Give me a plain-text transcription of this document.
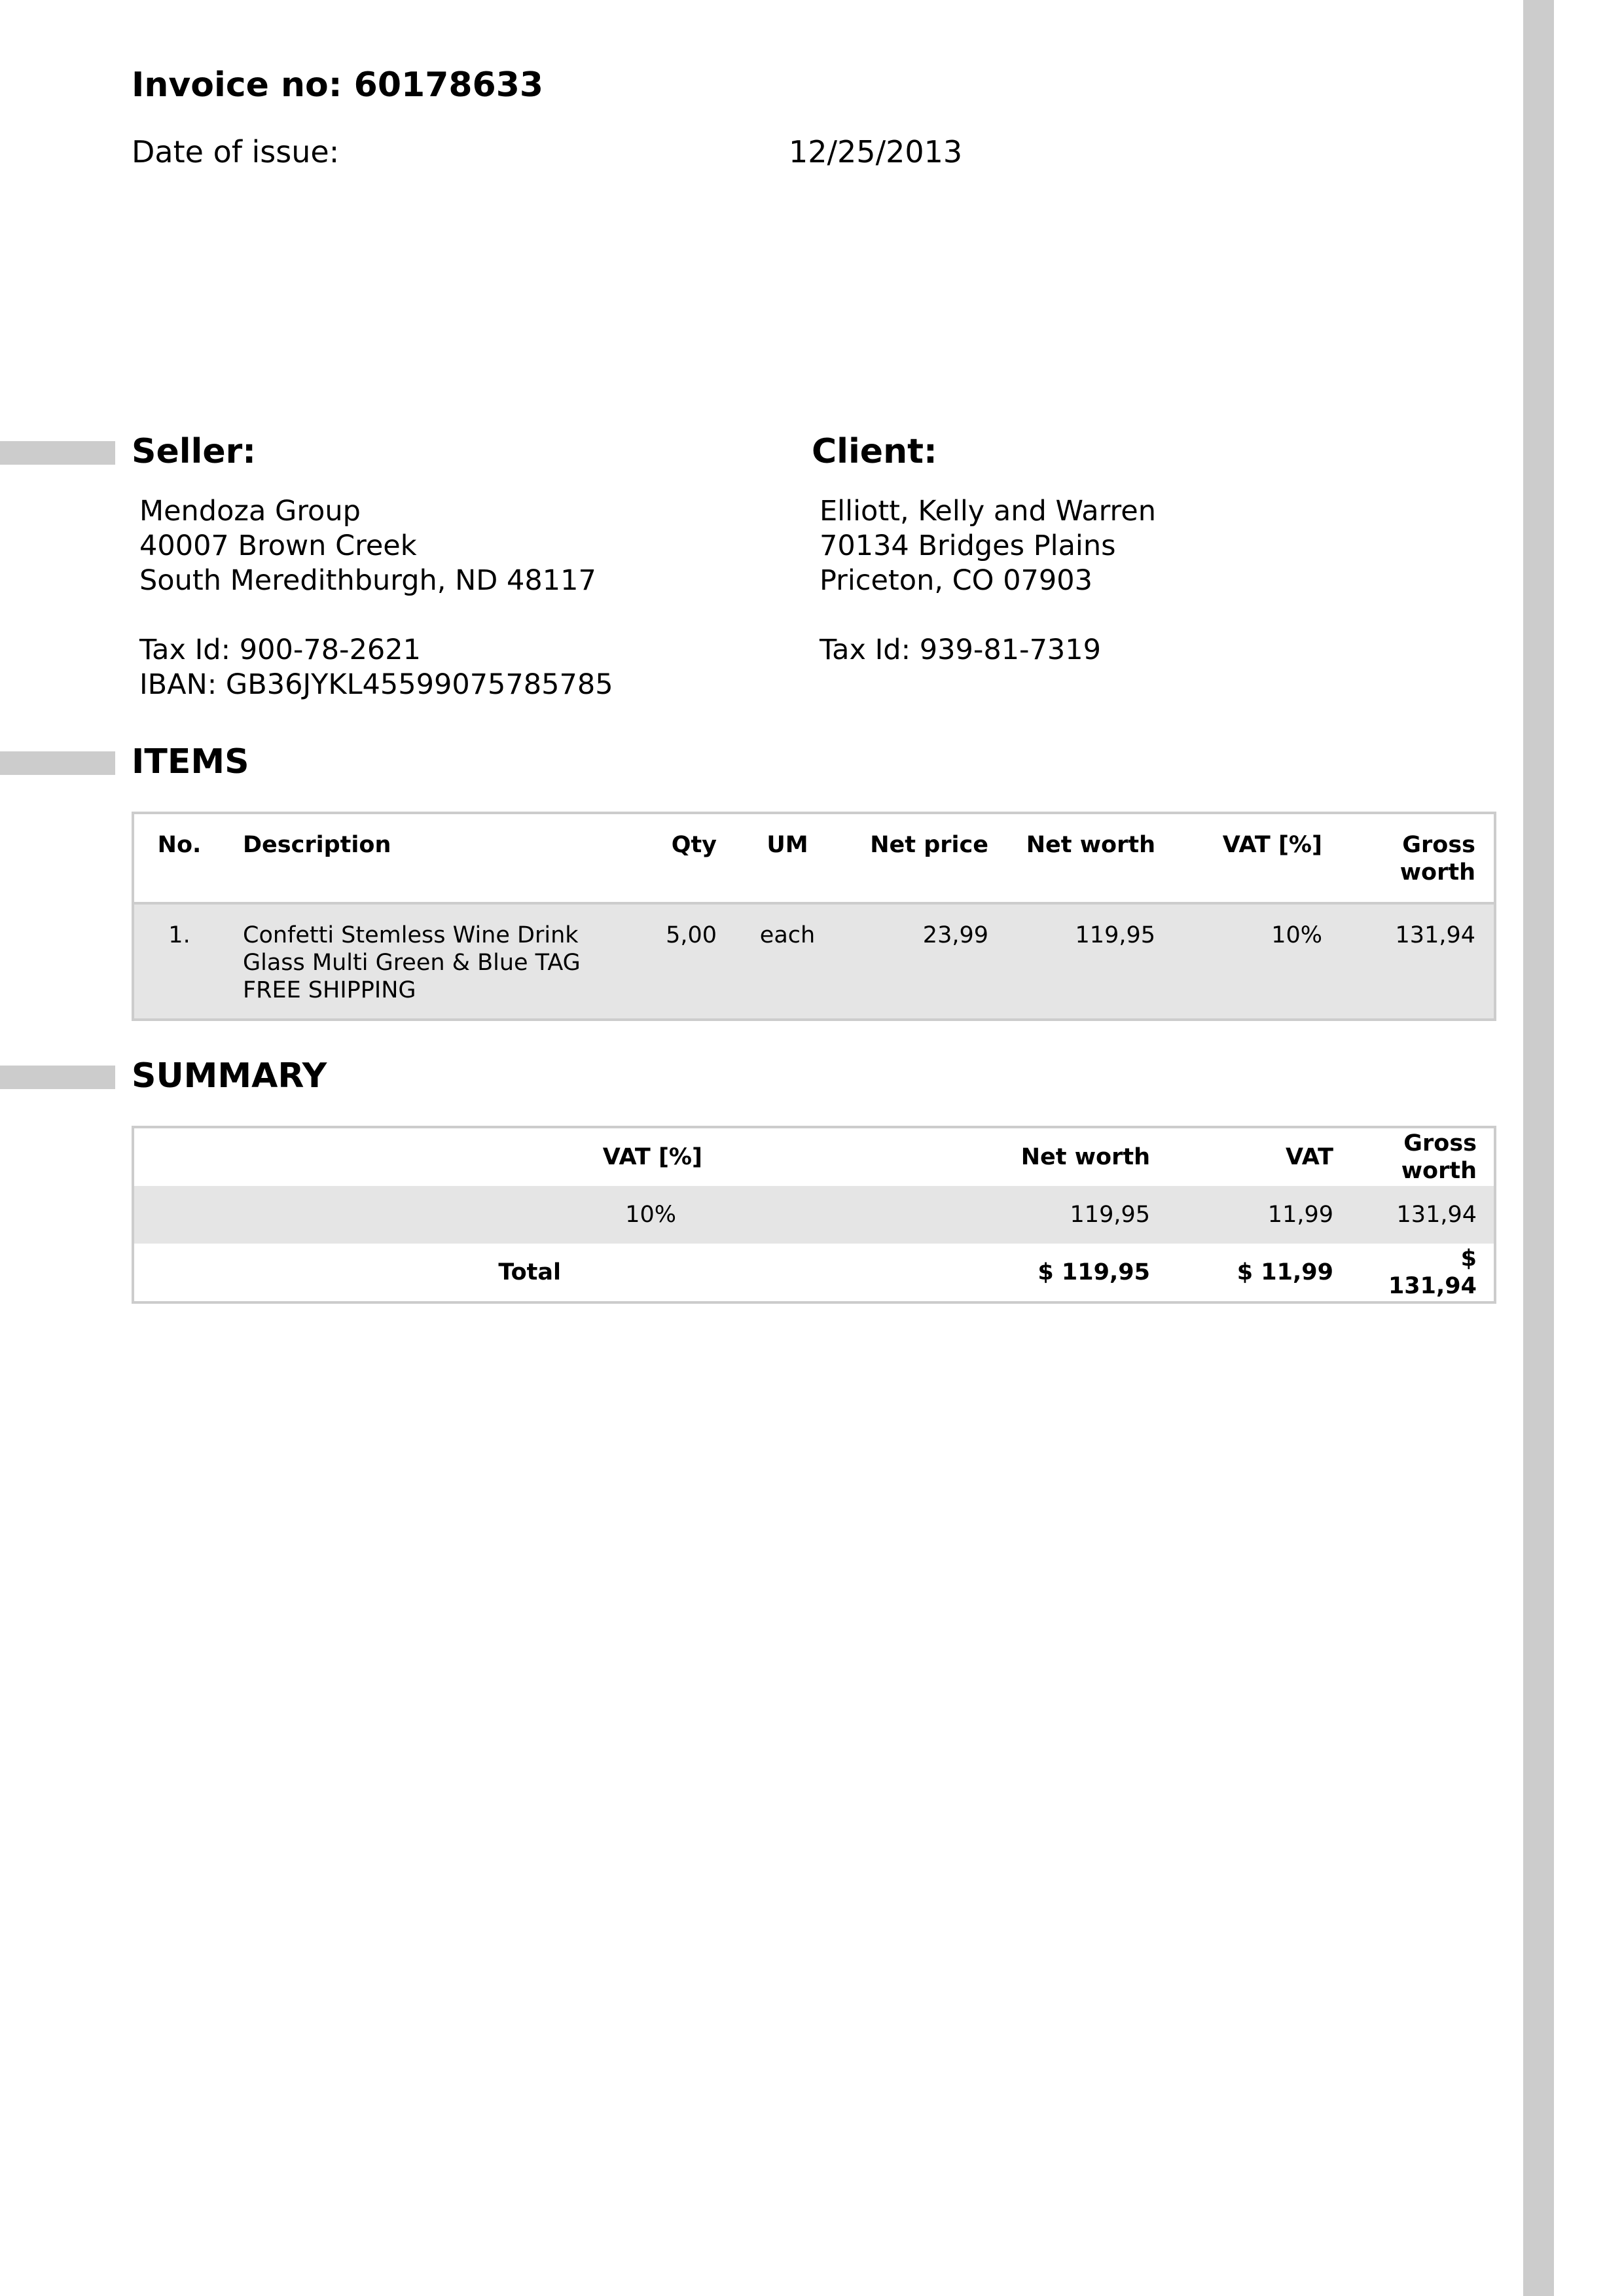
Invoice no: 60178633
Date of issue:	12/25/2013
Seller:
Mendoza Group
40007 Brown Creek
South Meredithburgh, ND 48117
Tax Id: 900-78-2621
IBAN: GB36JYKL45599075785785
Client:
Elliott, Kelly and Warren
70134 Bridges Plains
Priceton, CO 07903
Tax Id: 939-81-7319
ITEMS
No.	Description	Qty	UM	Net price	Net worth	VAT [%]	Gross
worth

1.	Confetti Stemless Wine Drink
Glass Multi Green & Blue TAG
FREE SHIPPING	5,00	each	23,99	119,95	10%	131,94
SUMMARY
	VAT [%]	Net worth	VAT	Gross worth
	10%	119,95	11,99	131,94
Total		$ 119,95	$ 11,99	$ 131,94
